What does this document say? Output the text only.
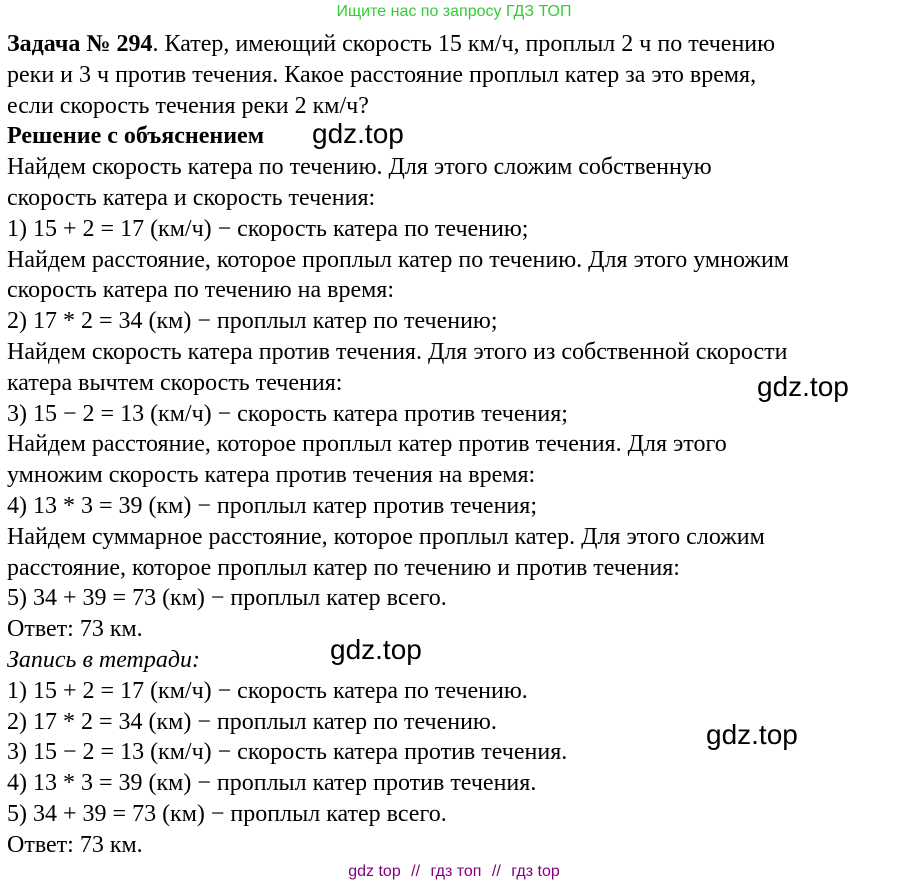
Ищите нас по запросу ГДЗ ТОП
Задача № 294. Катер, имеющий скорость 15 км/ч, проплыл 2 ч по течению
реки и 3 ч против течения. Какое расстояние проплыл катер за это время,
если скорость течения реки 2 км/ч?
Решение с объяснением
Найдем скорость катера по течению. Для этого сложим собственную
скорость катера и скорость течения:
1) 15 + 2 = 17 (км/ч) − скорость катера по течению;
Найдем расстояние, которое проплыл катер по течению. Для этого умножим
скорость катера по течению на время:
2) 17 * 2 = 34 (км) − проплыл катер по течению;
Найдем скорость катера против течения. Для этого из собственной скорости
катера вычтем скорость течения:
3) 15 − 2 = 13 (км/ч) − скорость катера против течения;
Найдем расстояние, которое проплыл катер против течения. Для этого
умножим скорость катера против течения на время:
4) 13 * 3 = 39 (км) − проплыл катер против течения;
Найдем суммарное расстояние, которое проплыл катер. Для этого сложим
расстояние, которое проплыл катер по течению и против течения:
5) 34 + 39 = 73 (км) − проплыл катер всего.
Ответ: 73 км.
Запись в тетради:
1) 15 + 2 = 17 (км/ч) − скорость катера по течению.
2) 17 * 2 = 34 (км) − проплыл катер по течению.
3) 15 − 2 = 13 (км/ч) − скорость катера против течения.
4) 13 * 3 = 39 (км) − проплыл катер против течения.
5) 34 + 39 = 73 (км) − проплыл катер всего.
Ответ: 73 км.
gdz.top
gdz.top
gdz.top
gdz.top
gdz top // гдз топ // гдз top
